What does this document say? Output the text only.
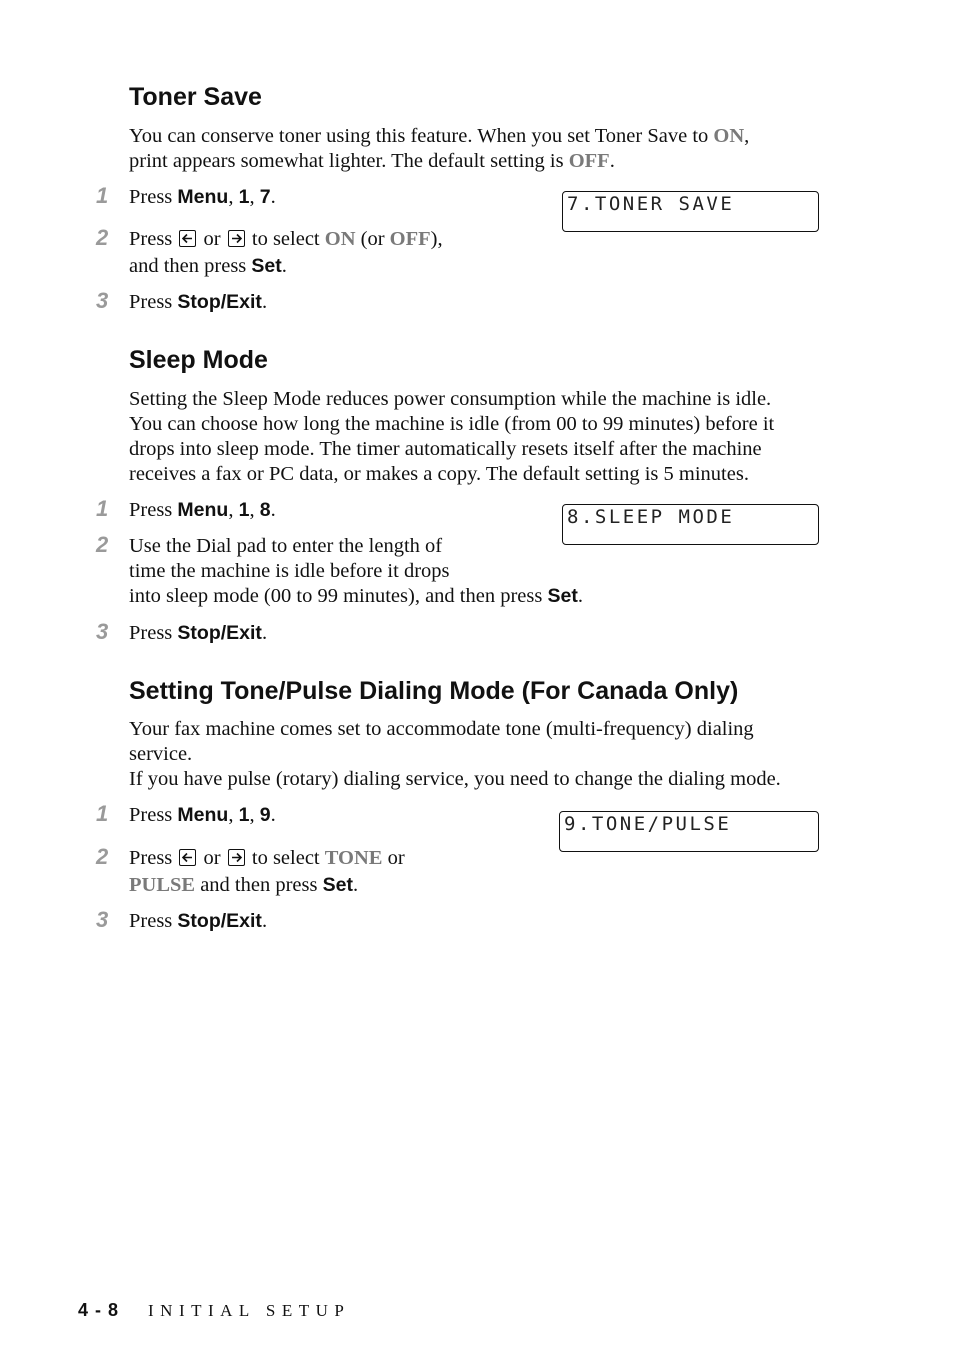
Toner Save
You can conserve toner using this feature. When you set Toner Save to ON,
print appears somewhat lighter. The default setting is OFF.
1	Press Menu, 1, 7.	7.TONER SAVE
2	Press
or
to select ON (or OFF),
and then press Set.

3	Press Stop/Exit.

Sleep Mode
Setting the Sleep Mode reduces power consumption while the machine is idle.
You can choose how long the machine is idle (from 00 to 99 minutes) before it
drops into sleep mode. The timer automatically resets itself after the machine
receives a fax or PC data, or makes a copy. The default setting is 5 minutes.
1	Press Menu, 1, 8.	8.SLEEP MODE
2	Use the Dial pad to enter the length of
time the machine is idle before it drops
into sleep mode (00 to 99 minutes), and then press Set.

3	Press Stop/Exit.

Setting Tone/Pulse Dialing Mode (For Canada Only)
Your fax machine comes set to accommodate tone (multi-frequency) dialing
service.
If you have pulse (rotary) dialing service, you need to change the dialing mode.
1	Press Menu, 1, 9.	9.TONE/PULSE
2	Press
or
to select TONE or
PULSE and then press Set.

3	Press Stop/Exit.

4 - 8 INITIAL SETUP
